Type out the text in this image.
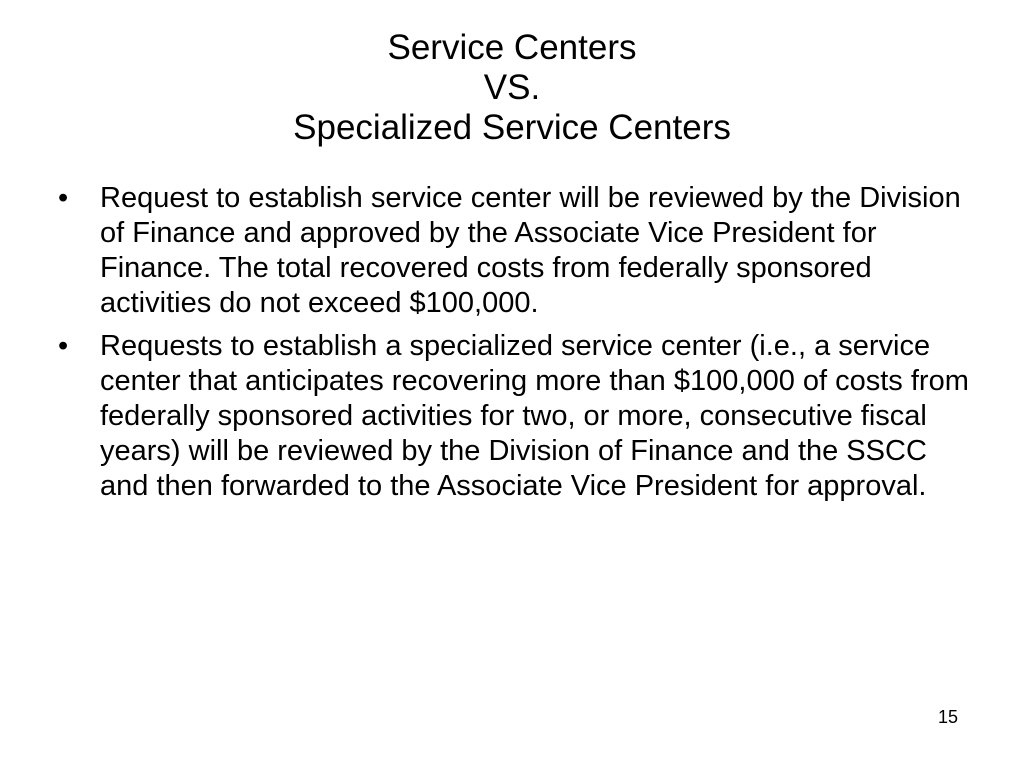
Service Centers
VS.
Specialized Service Centers
•	Request to establish service center will be reviewed by the Division of Finance and approved by the Associate Vice President for Finance. The total recovered costs from federally sponsored activities do not exceed $100,000.
•	Requests to establish a specialized service center (i.e., a service center that anticipates recovering more than $100,000 of costs from federally sponsored activities for two, or more, consecutive fiscal years) will be reviewed by the Division of Finance and the SSCC and then forwarded to the Associate Vice President for approval.
15
